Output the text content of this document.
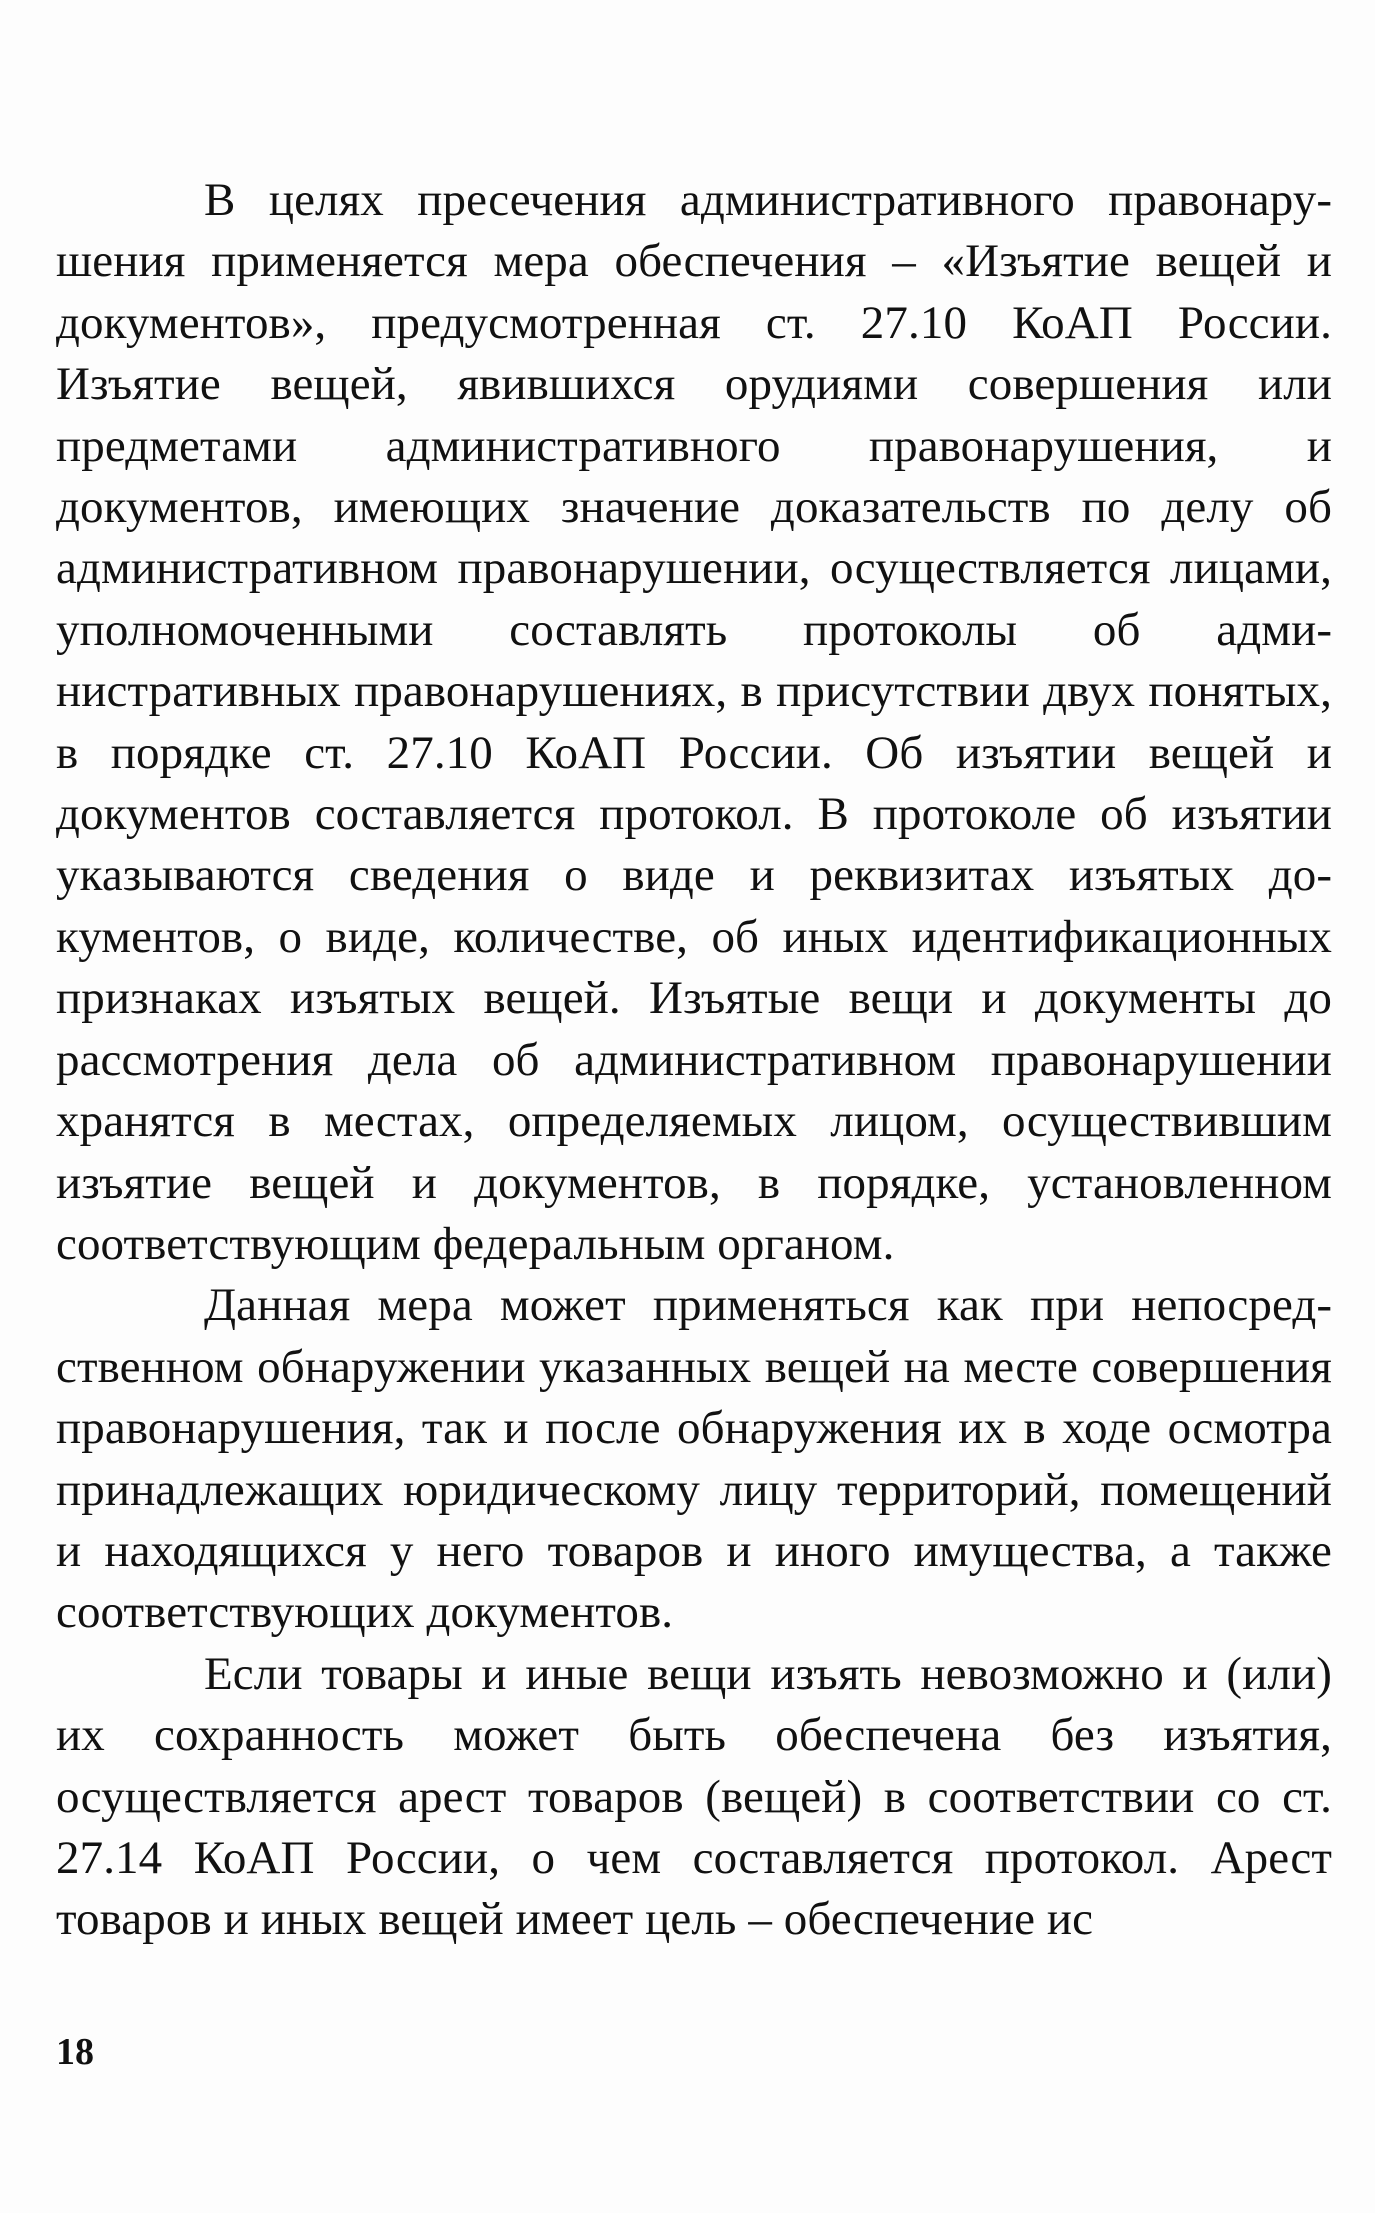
В целях пресечения административного правонарушения применяется мера обеспечения – «Изъятие вещей и документов», предусмотренная ст. 27.10 КоАП России. Изъятие вещей, явившихся орудиями совершения или предметами административного правонарушения, и документов, имеющих значение доказательств по делу об административном правонарушении, осуществляется лицами, уполномоченными составлять протоколы об административных правонарушениях, в присутствии двух понятых, в порядке ст. 27.10 КоАП России. Об изъятии вещей и документов составляется протокол. В протоколе об изъятии указываются сведения о виде и реквизитах изъятых документов, о виде, количестве, об иных идентификационных признаках изъятых вещей. Изъятые вещи и документы до рассмотрения дела об административном правонарушении хранятся в местах, определяемых лицом, осуществившим изъятие вещей и документов, в порядке, установленном соответствующим федеральным органом.

Данная мера может применяться как при непосредственном обнаружении указанных вещей на месте совершения правонарушения, так и после обнаружения их в ходе осмотра принадлежащих юридическому лицу территорий, помещений и находящихся у него товаров и иного имущества, а также соответствующих документов.

Если товары и иные вещи изъять невозможно и (или) их сохранность может быть обеспечена без изъятия, осуществляется арест товаров (вещей) в соответствии со ст. 27.14 КоАП России, о чем составляется протокол. Арест товаров и иных вещей имеет цель – обеспечение ис

18
